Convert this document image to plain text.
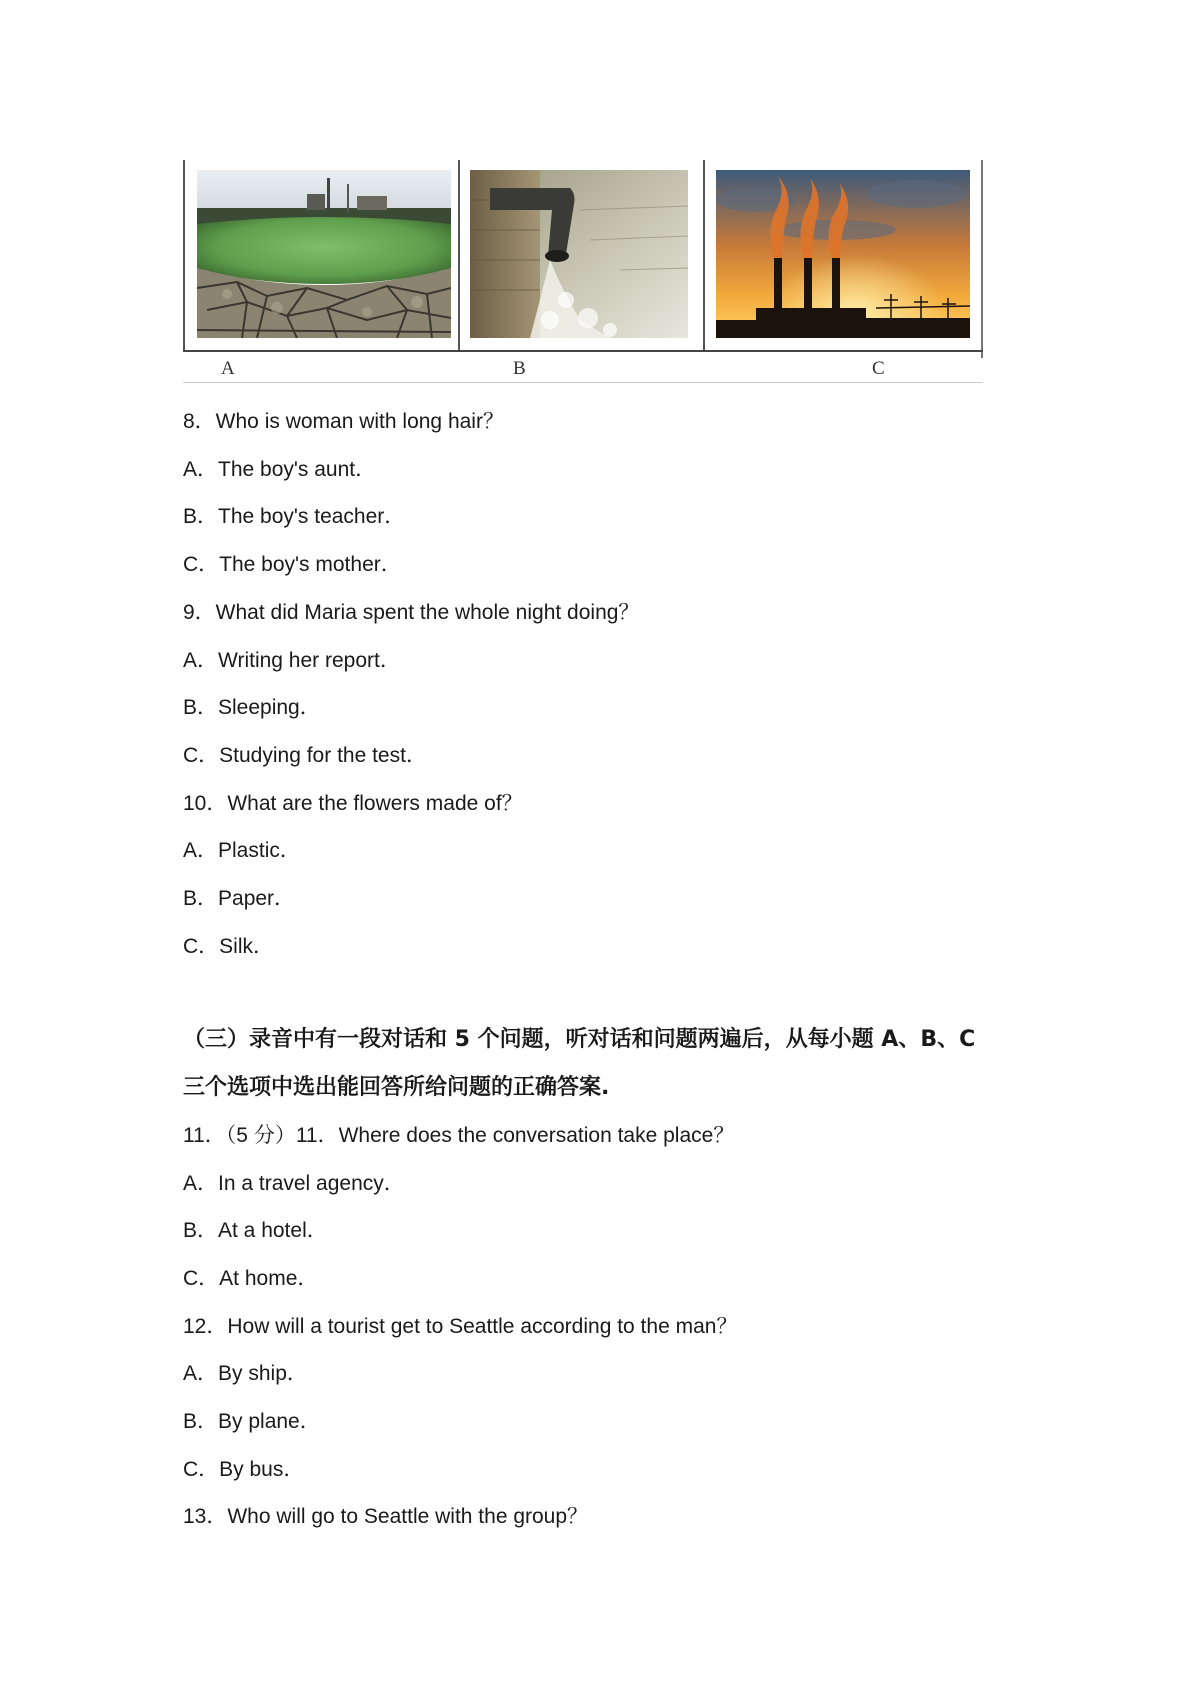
A	B	C
8．Who is woman with long hair？
A．The boy's aunt．
B．The boy's teacher．
C．The boy's mother．
9．What did Maria spent the whole night doing？
A．Writing her report．
B．Sleeping．
C．Studying for the test．
10．What are the flowers made of？
A．Plastic．
B．Paper．
C．Silk．
（三）录音中有一段对话和 5 个问题，听对话和问题两遍后，从每小题 A、B、C
三个选项中选出能回答所给问题的正确答案.
11．（5 分）11．Where does the conversation take place？
A．In a travel agency．
B．At a hotel．
C．At home．
12．How will a tourist get to Seattle according to the man？
A．By ship．
B．By plane．
C．By bus．
13．Who will go to Seattle with the group？
